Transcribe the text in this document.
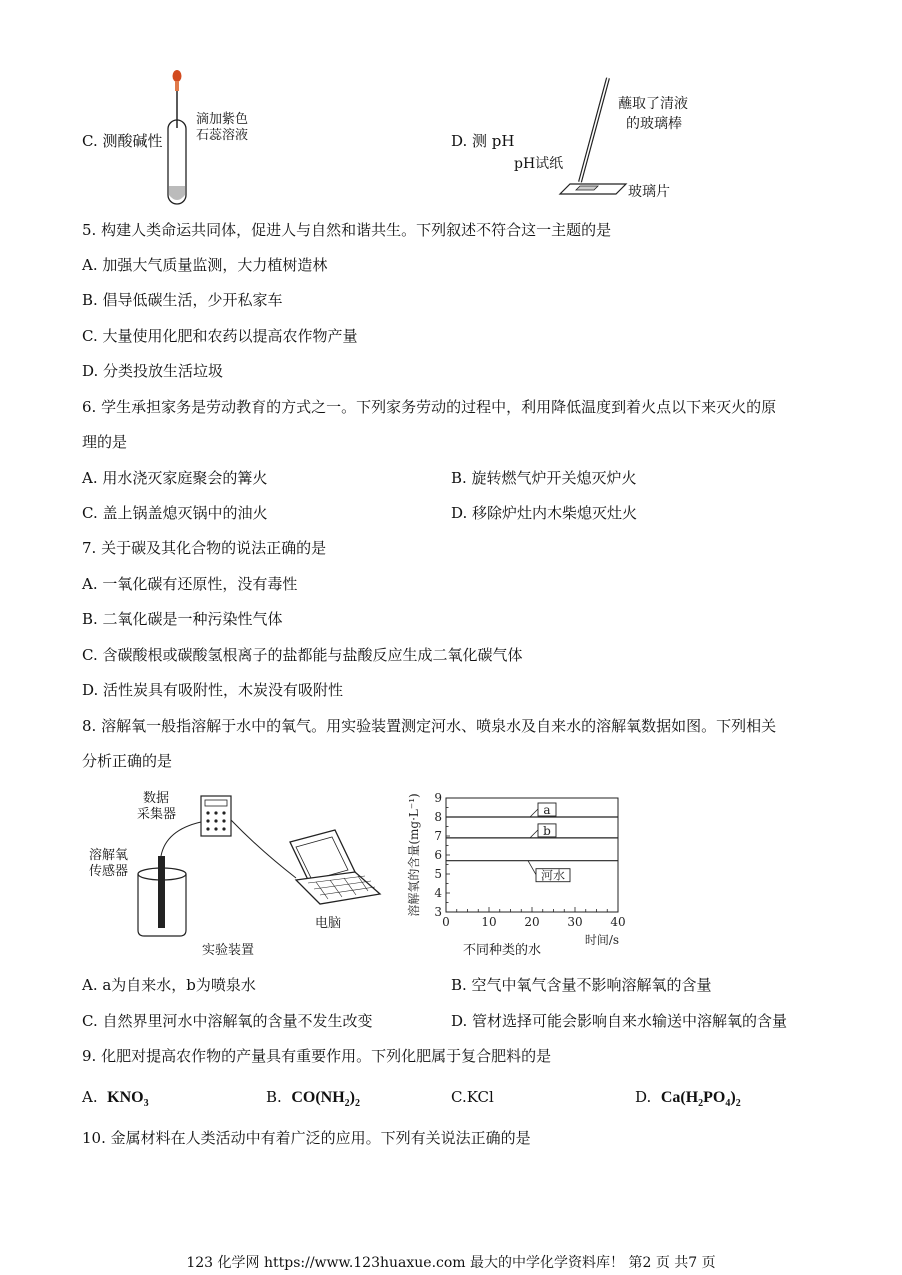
C. 测酸碱性
滴加紫色
石蕊溶液	D. 测 pH
蘸取了清液
的玻璃棒
pH试纸
玻璃片
5. 构建人类命运共同体，促进人与自然和谐共生。下列叙述不符合这一主题的是
A. 加强大气质量监测，大力植树造林
B. 倡导低碳生活，少开私家车
C. 大量使用化肥和农药以提高农作物产量
D. 分类投放生活垃圾
6. 学生承担家务是劳动教育的方式之一。下列家务劳动的过程中，利用降低温度到着火点以下来灭火的原
理的是
A. 用水浇灭家庭聚会的篝火	B. 旋转燃气炉开关熄灭炉火
C. 盖上锅盖熄灭锅中的油火	D. 移除炉灶内木柴熄灭灶火
7. 关于碳及其化合物的说法正确的是
A. 一氧化碳有还原性，没有毒性
B. 二氧化碳是一种污染性气体
C. 含碳酸根或碳酸氢根离子的盐都能与盐酸反应生成二氧化碳气体
D. 活性炭具有吸附性，木炭没有吸附性
8. 溶解氧一般指溶解于水中的氧气。用实验装置测定河水、喷泉水及自来水的溶解氧数据如图。下列相关
分析正确的是
数据
采集器
溶解氧
传感器
电脑
实验装置
0	10 20 30 40
3
4
5
6
7
8
9
溶解氧的含量(mg·L⁻¹)
时间/s
a
b
河水
不同种类的水
A. a为自来水，b为喷泉水	B. 空气中氧气含量不影响溶解氧的含量
C. 自然界里河水中溶解氧的含量不发生改变	D. 管材选择可能会影响自来水输送中溶解氧的含量
9. 化肥对提高农作物的产量具有重要作用。下列化肥属于复合肥料的是
A. $KNO_3$	B. $CO(NH_2)_2$	C.KCl	D. $Ca(H_2PO_4)_2$
10. 金属材料在人类活动中有着广泛的应用。下列有关说法正确的是
123 化学网 https://www.123huaxue.com 最大的中学化学资料库！ 第2 页 共7 页
